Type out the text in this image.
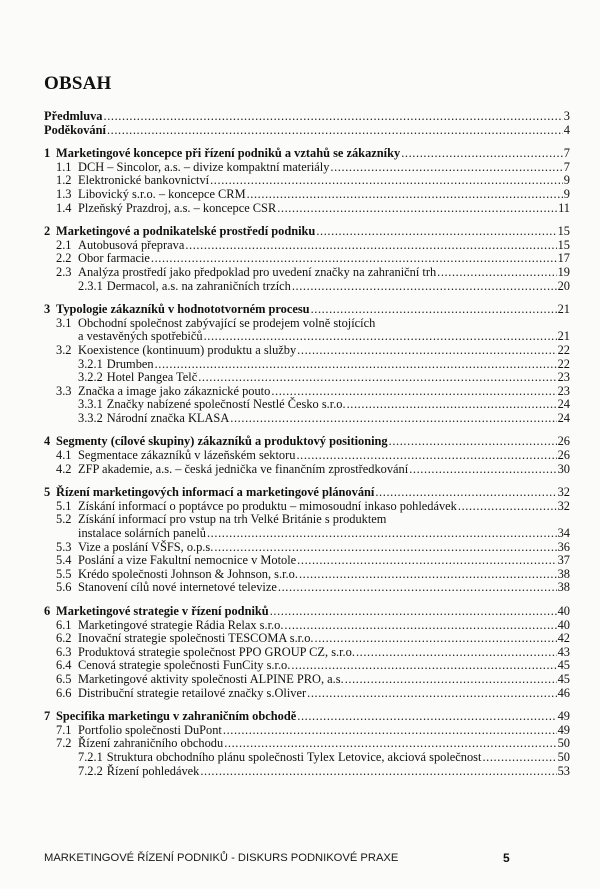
OBSAH
Předmluva .....	3
Poděkování .....	4
1 Marketingové koncepce při řízení podniků a vztahů se zákazníky .....	7
1.1 DCH – Sincolor, a.s. – divize kompaktní materiály .....	7
1.2 Elektronické bankovnictví .....	9
1.3 Libovický s.r.o. – koncepce CRM .....	9
1.4 Plzeňský Prazdroj, a.s. – koncepce CSR .....	11
2 Marketingové a podnikatelské prostředí podniku .....	15
2.1 Autobusová přeprava .....	15
2.2 Obor farmacie .....	17
2.3 Analýza prostředí jako předpoklad pro uvedení značky na zahraniční trh .....	19
2.3.1 Dermacol, a.s. na zahraničních trzích .....	20
3 Typologie zákazníků v hodnototvorném procesu .....	21
3.1 Obchodní společnost zabývající se prodejem volně stojících
a vestavěných spotřebičů .....	21
3.2 Koexistence (kontinuum) produktu a služby .....	22
3.2.1 Drumben .....	22
3.2.2 Hotel Pangea Telč .....	23
3.3 Značka a image jako zákaznické pouto .....	23
3.3.1 Značky nabízené společností Nestlé Česko s.r.o. .....	24
3.3.2 Národní značka KLASA .....	24
4 Segmenty (cílové skupiny) zákazníků a produktový positioning .....	26
4.1 Segmentace zákazníků v lázeňském sektoru .....	26
4.2 ZFP akademie, a.s. – česká jednička ve finančním zprostředkování .....	30
5 Řízení marketingových informací a marketingové plánování .....	32
5.1 Získání informací o poptávce po produktu – mimosoudní inkaso pohledávek .....	32
5.2 Získání informací pro vstup na trh Velké Británie s produktem
instalace solárních panelů .....	34
5.3 Vize a poslání VŠFS, o.p.s. .....	36
5.4 Poslání a vize Fakultní nemocnice v Motole .....	37
5.5 Krédo společnosti Johnson & Johnson, s.r.o. .....	38
5.6 Stanovení cílů nové internetové televize .....	38
6 Marketingové strategie v řízení podniků .....	40
6.1 Marketingové strategie Rádia Relax s.r.o. .....	40
6.2 Inovační strategie společnosti TESCOMA s.r.o. .....	42
6.3 Produktová strategie společnost PPO GROUP CZ, s.r.o. .....	43
6.4 Cenová strategie společnosti FunCity s.r.o. .....	45
6.5 Marketingové aktivity společnosti ALPINE PRO, a.s. .....	45
6.6 Distribuční strategie retailové značky s.Oliver .....	46
7 Specifika marketingu v zahraničním obchodě .....	49
7.1 Portfolio společnosti DuPont .....	49
7.2 Řízení zahraničního obchodu .....	50
7.2.1 Struktura obchodního plánu společnosti Tylex Letovice, akciová společnost .....	50
7.2.2 Řízení pohledávek .....	53
MARKETINGOVÉ ŘÍZENÍ PODNIKŮ - DISKURS PODNIKOVÉ PRAXE	5
